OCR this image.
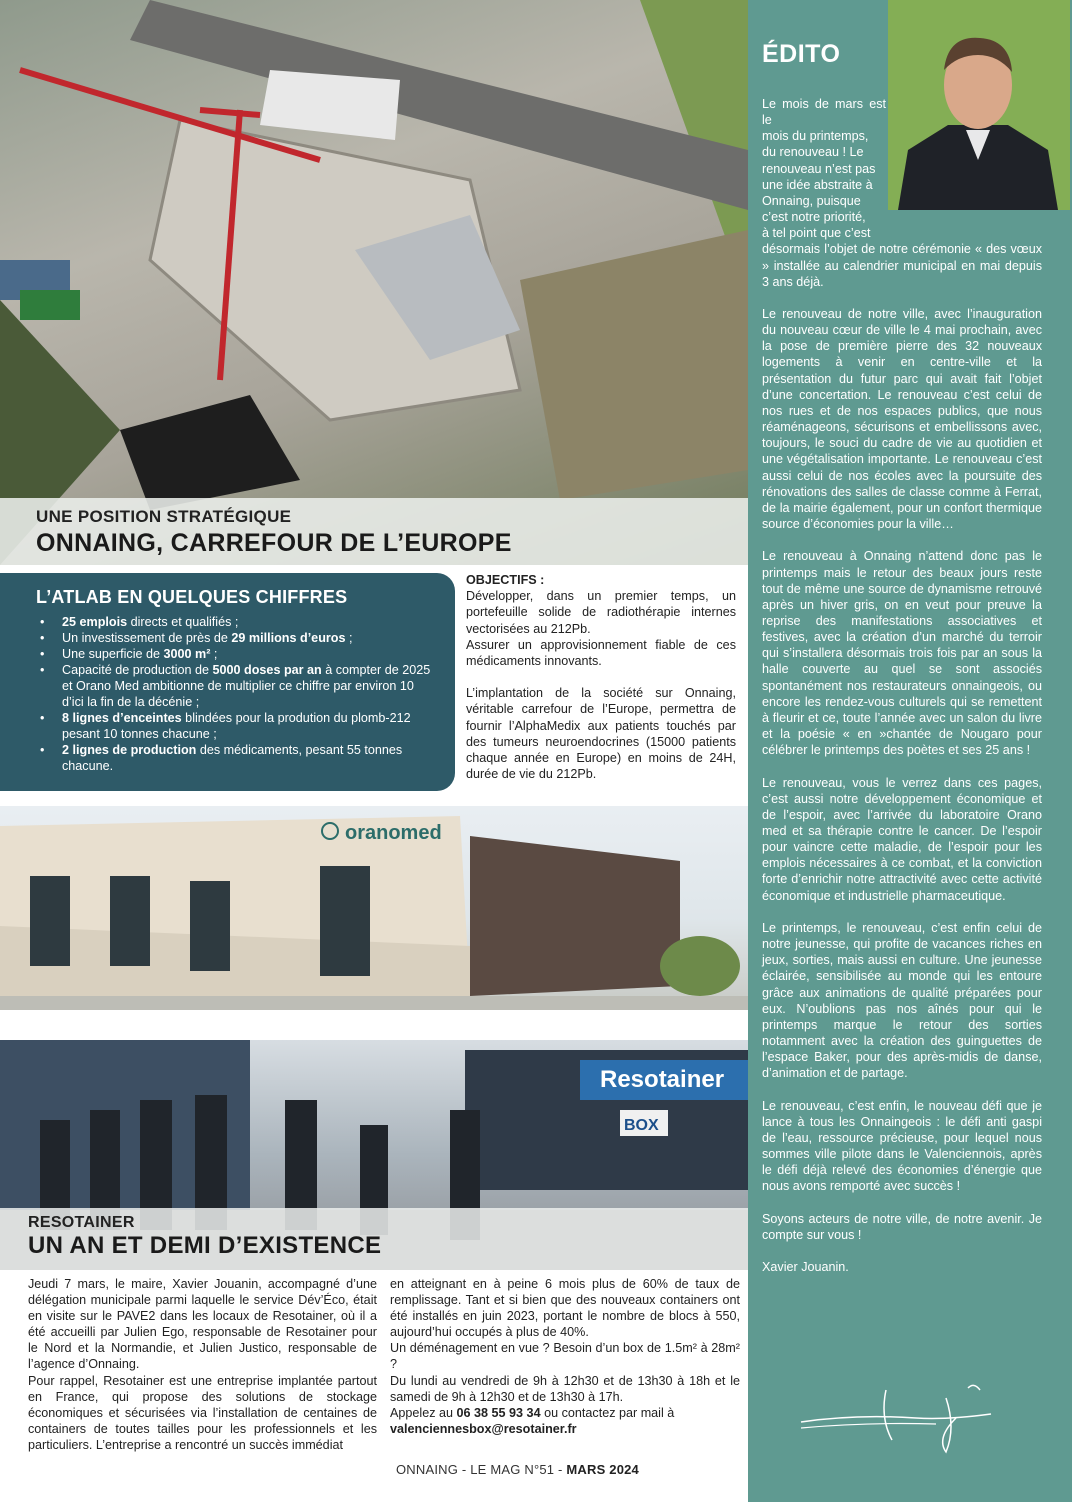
UNE POSITION STRATÉGIQUE
ONNAING, CARREFOUR DE L’EUROPE
L’ATLAB EN QUELQUES CHIFFRES
• 25 emplois directs et qualifiés ;
• Un investissement de près de 29 millions d’euros ;
• Une superficie de 3000 m² ;
• Capacité de production de 5000 doses par an à compter de 2025 et Orano Med ambitionne de multiplier ce chiffre par environ 10 d’ici la fin de la décénie ;
• 8 lignes d’enceintes blindées pour la prodution du plomb-212 pesant 10 tonnes chacune ;
• 2 lignes de production des médicaments, pesant 55 tonnes chacune.
OBJECTIFS :

Développer, dans un premier temps, un portefeuille solide de radiothérapie internes vectorisées au 212Pb.

Assurer un approvisionnement fiable de ces médicaments innovants.

L’implantation de la société sur Onnaing, véritable carrefour de l’Europe, permettra de fournir l’AlphaMedix aux patients touchés par des tumeurs neuroendocrines (15000 patients chaque année en Europe) en moins de 24H, durée de vie du 212Pb.

oranomed
Resotainer
BOX
RESOTAINER
UN AN ET DEMI D’EXISTENCE

Jeudi 7 mars, le maire, Xavier Jouanin, accompagné d’une délégation municipale parmi laquelle le service Dév’Éco, était en visite sur le PAVE2 dans les locaux de Resotainer, où il a été accueilli par Julien Ego, responsable de Resotainer pour le Nord et la Normandie, et Julien Justico, responsable de l’agence d’Onnaing.

Pour rappel, Resotainer est une entreprise implantée partout en France, qui propose des solutions de stockage économiques et sécurisées via l’installation de centaines de containers de toutes tailles pour les professionnels et les particuliers. L’entreprise a rencontré un succès immédiat

en atteignant en à peine 6 mois plus de 60% de taux de remplissage. Tant et si bien que des nouveaux containers ont été installés en juin 2023, portant le nombre de blocs à 550, aujourd’hui occupés à plus de 40%.

Un déménagement en vue ? Besoin d’un box de 1.5m² à 28m² ?

Du lundi au vendredi de 9h à 12h30 et de 13h30 à 18h et le samedi de 9h à 12h30 et de 13h30 à 17h.

Appelez au 06 38 55 93 34 ou contactez par mail à
valenciennesbox@resotainer.fr

ONNAING - LE MAG N°51 - MARS 2024
ÉDITO

Le mois de mars est le
mois du printemps,
du renouveau ! Le
renouveau n’est pas
une idée abstraite à
Onnaing, puisque
c’est notre priorité,
à tel point que c’est
désormais l’objet de notre cérémonie « des vœux » installée au calendrier municipal en mai depuis 3 ans déjà.

Le renouveau de notre ville, avec l’inauguration du nouveau cœur de ville le 4 mai prochain, avec la pose de première pierre des 32 nouveaux logements à venir en centre-ville et la présentation du futur parc qui avait fait l’objet d’une concertation. Le renouveau c’est celui de nos rues et de nos espaces publics, que nous réaménageons, sécurisons et embellissons avec, toujours, le souci du cadre de vie au quotidien et une végétalisation importante. Le renouveau c’est aussi celui de nos écoles avec la poursuite des rénovations des salles de classe comme à Ferrat, de la mairie également, pour un confort thermique source d’économies pour la ville…

Le renouveau à Onnaing n’attend donc pas le printemps mais le retour des beaux jours reste tout de même une source de dynamisme retrouvé après un hiver gris, on en veut pour preuve la reprise des manifestations associatives et festives, avec la création d’un marché du terroir qui s’installera désormais trois fois par an sous la halle couverte au quel se sont associés spontanément nos restaurateurs onnaingeois, ou encore les rendez-vous culturels qui se remettent à fleurir et ce, toute l’année avec un salon du livre et la poésie « en »chantée de Nougaro pour célébrer le printemps des poètes et ses 25 ans !

Le renouveau, vous le verrez dans ces pages, c’est aussi notre développement économique et de l’espoir, avec l’arrivée du laboratoire Orano med et sa thérapie contre le cancer. De l’espoir pour vaincre cette maladie, de l’espoir pour les emplois nécessaires à ce combat, et la conviction forte d’enrichir notre attractivité avec cette activité économique et industrielle pharmaceutique.

Le printemps, le renouveau, c’est enfin celui de notre jeunesse, qui profite de vacances riches en jeux, sorties, mais aussi en culture. Une jeunesse éclairée, sensibilisée au monde qui les entoure grâce aux animations de qualité préparées pour eux. N’oublions pas nos aînés pour qui le printemps marque le retour des sorties notamment avec la création des guinguettes de l’espace Baker, pour des après-midis de danse, d’animation et de partage.

Le renouveau, c’est enfin, le nouveau défi que je lance à tous les Onnaingeois : le défi anti gaspi de l’eau, ressource précieuse, pour lequel nous sommes ville pilote dans le Valenciennois, après le défi déjà relevé des économies d’énergie que nous avons remporté avec succès !

Soyons acteurs de notre ville, de notre avenir. Je compte sur vous !

Xavier Jouanin.
